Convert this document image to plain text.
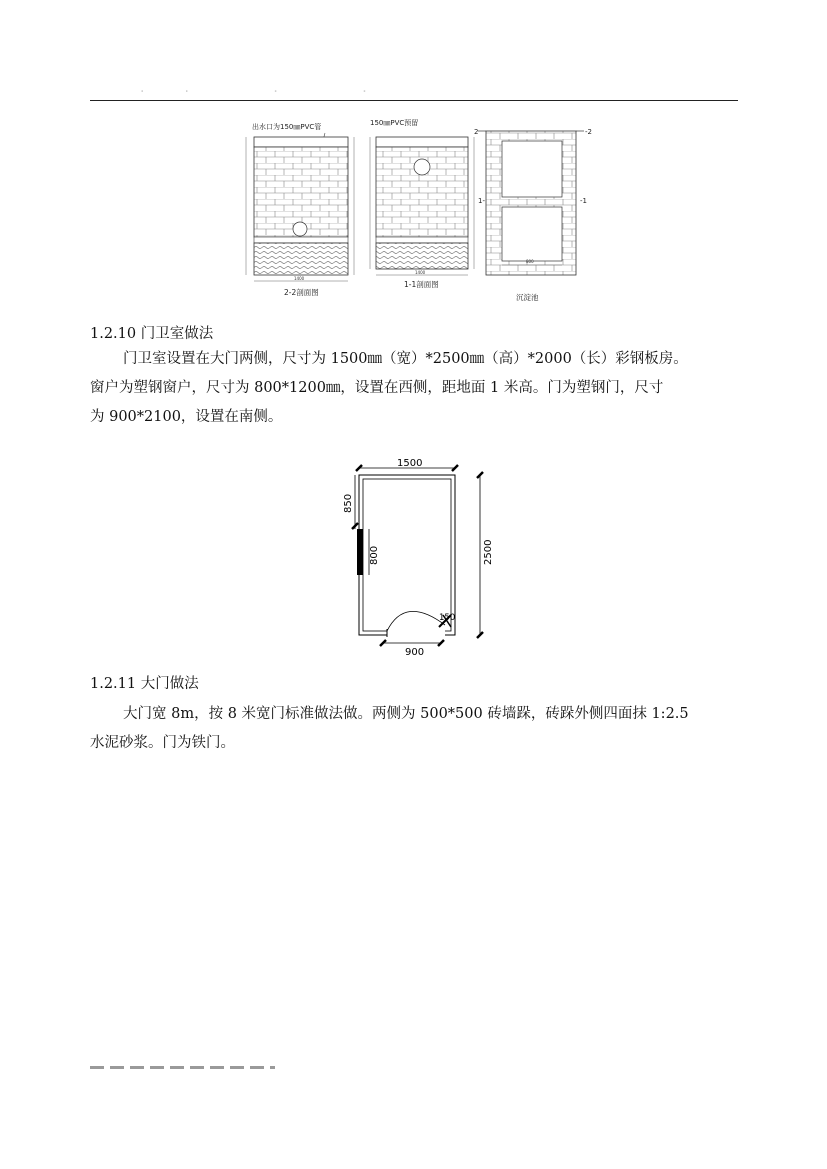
·· · ·
出水口为150㎜PVC管
1400
2-2剖面图
150㎜PVC预留
1400
1-1剖面图
2	-2
1-	-1
800
沉淀池
1.2.10 门卫室做法

门卫室设置在大门两侧，尺寸为 1500㎜（宽）*2500㎜（高）*2000（长）彩钢板房。

窗户为塑钢窗户，尺寸为 800*1200㎜，设置在西侧，距地面 1 米高。门为塑钢门，尺寸

为 900*2100，设置在南侧。

1500
850
800	2500
150
900
1.2.11 大门做法

大门宽 8m，按 8 米宽门标准做法做。两侧为 500*500 砖墙跺，砖跺外侧四面抹 1:2.5

水泥砂浆。门为铁门。
